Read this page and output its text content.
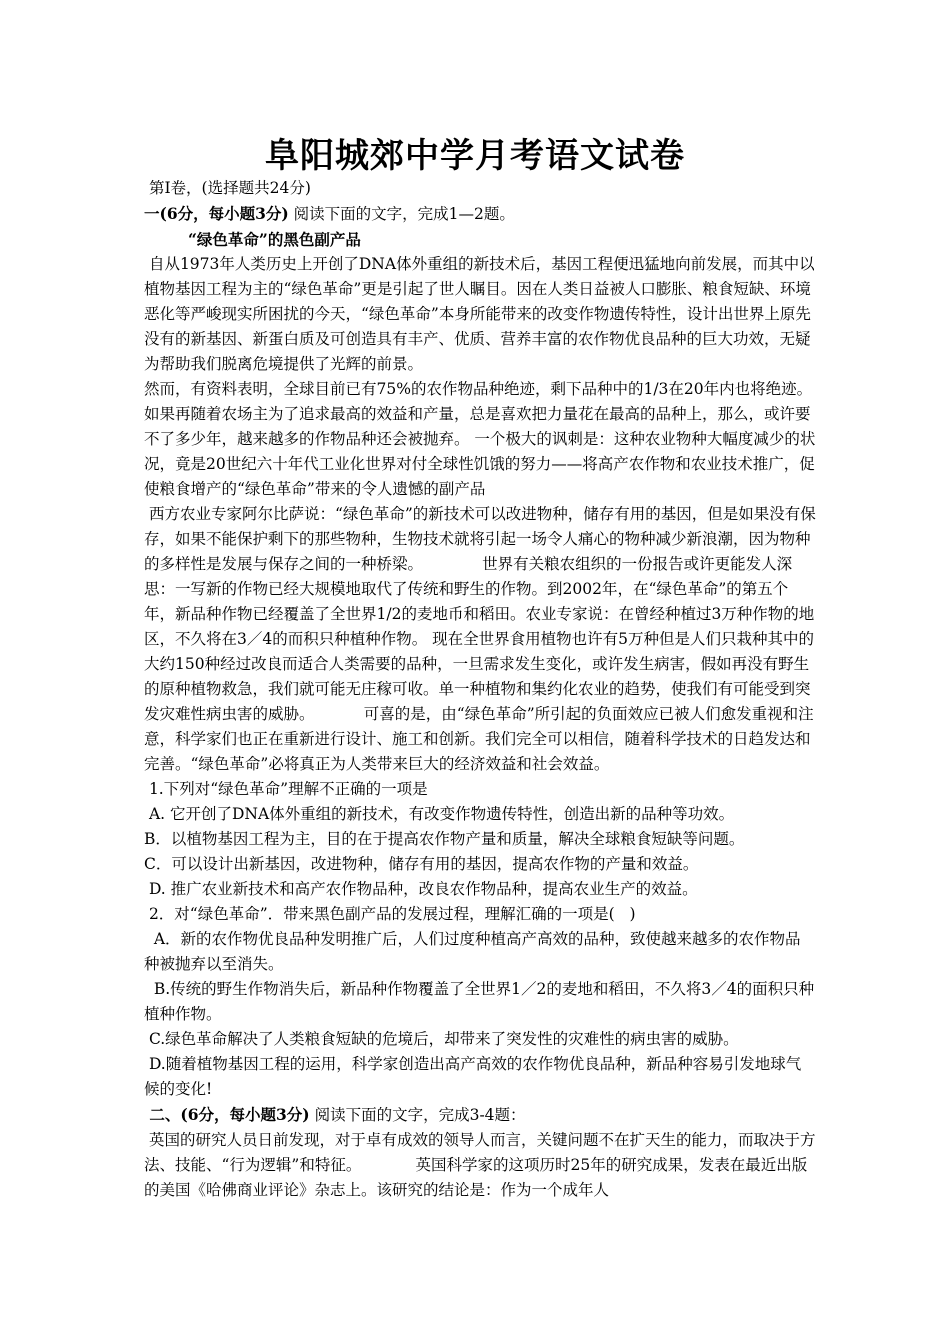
阜阳城郊中学月考语文试卷

第Ⅰ卷，(选择题共24分)

一(6分，每小题3分) 阅读下面的文字，完成1—2题。

“绿色革命”的黑色副产品

自从1973年人类历史上开创了DNA体外重组的新技术后，基因工程便迅猛地向前发展，而其中以植物基因工程为主的“绿色革命”更是引起了世人瞩目。因在人类日益被人口膨胀、粮食短缺、环境恶化等严峻现实所困扰的今天，“绿色革命”本身所能带来的改变作物遗传特性，设计出世界上原先没有的新基因、新蛋白质及可创造具有丰产、优质、营养丰富的农作物优良品种的巨大功效，无疑为帮助我们脱离危境提供了光辉的前景。

然而，有资料表明，全球目前已有75%的农作物品种绝迹，剩下品种中的1/3在20年内也将绝迹。如果再随着农场主为了追求最高的效益和产量，总是喜欢把力量花在最高的品种上，那么，或许要不了多少年，越来越多的作物品种还会被抛弃。 一个极大的讽刺是：这种农业物种大幅度减少的状况，竟是20世纪六十年代工业化世界对付全球性饥饿的努力——将高产农作物和农业技术推广，促使粮食增产的“绿色革命”带来的令人遗憾的副产品

西方农业专家阿尔比萨说：“绿色革命”的新技术可以改进物种，储存有用的基因，但是如果没有保存，如果不能保护剩下的那些物种，生物技术就将引起一场令人痛心的物种减少新浪潮，因为物种的多样性是发展与保存之间的一种桥梁。            世界有关粮农组织的一份报告或许更能发人深思：一写新的作物已经大规模地取代了传统和野生的作物。到2002年，在“绿色革命”的第五个年，新品种作物已经覆盖了全世界1/2的麦地币和稻田。农业专家说：在曾经种植过3万种作物的地区，不久将在3／4的而积只种植种作物。 现在全世界食用植物也许有5万种但是人们只栽种其中的大约150种经过改良而适合人类需要的品种，一旦需求发生变化，或许发生病害，假如再没有野生的原种植物救急，我们就可能无庄稼可收。单一种植物和集约化农业的趋势，使我们有可能受到突发灾难性病虫害的威胁。          可喜的是，由“绿色革命”所引起的负面效应已被人们愈发重视和注意，科学家们也正在重新进行设计、施工和创新。我们完全可以相信，随着科学技术的日趋发达和完善。“绿色革命”必将真正为人类带来巨大的经济效益和社会效益。

1.下列对“绿色革命”理解不正确的一项是

A. 它开创了DNA体外重组的新技术，有改变作物遗传特性，创造出新的品种等功效。

B．以植物基因工程为主，目的在于提高农作物产量和质量，解决全球粮食短缺等问题。

C．可以设计出新基因，改进物种，储存有用的基因，提高农作物的产量和效益。

D. 推广农业新技术和高产农作物品种，改良农作物品种，提高农业生产的效益。

2．对“绿色革命”．带来黑色副产品的发展过程，理解汇确的一项是(   )

A．新的农作物优良品种发明推广后，人们过度种植高产高效的品种，致使越来越多的农作物品种被抛弃以至消失。

B.传统的野生作物消失后，新品种作物覆盖了全世界1／2的麦地和稻田，不久将3／4的面积只种植种作物。

C.绿色革命解决了人类粮食短缺的危境后，却带来了突发性的灾难性的病虫害的威胁。

D.随着植物基因工程的运用，科学家创造出高产高效的农作物优良品种，新品种容易引发地球气候的变化!

二、(6分，每小题3分) 阅读下面的文字，完成3-4题：

英国的研究人员日前发现，对于卓有成效的领导人而言，关键问题不在扩天生的能力，而取决于方法、技能、“行为逻辑”和特征。           英国科学家的这项历时25年的研究成果，发表在最近出版的美国《哈佛商业评论》杂志上。该研究的结论是：作为一个成年人
